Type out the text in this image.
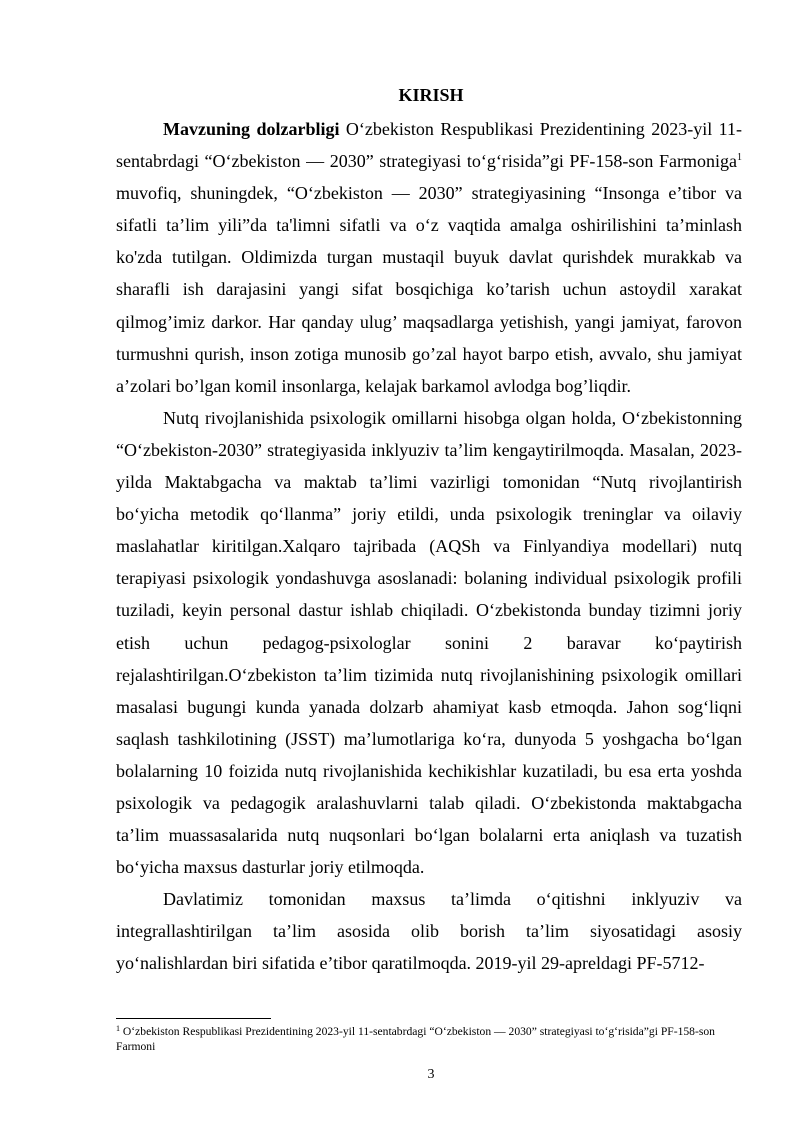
KIRISH

Mavzuning dolzarbligi O‘zbekiston Respublikasi Prezidentining 2023-yil 11-sentabrdagi “O‘zbekiston — 2030” strategiyasi to‘g‘risida”gi PF-158-son Farmoniga$^1$ muvofiq, shuningdek, “O‘zbekiston — 2030” strategiyasining “Insonga e’tibor va sifatli ta’lim yili”da ta'limni sifatli va o‘z vaqtida amalga oshirilishini ta’minlash ko'zda tutilgan. Oldimizda turgan mustaqil buyuk davlat qurishdek murakkab va sharafli ish darajasini yangi sifat bosqichiga ko’tarish uchun astoydil xarakat qilmog’imiz darkor. Har qanday ulug’ maqsadlarga yetishish, yangi jamiyat, farovon turmushni qurish, inson zotiga munosib go’zal hayot barpo etish, avvalo, shu jamiyat a’zolari bo’lgan komil insonlarga, kelajak barkamol avlodga bog’liqdir.

Nutq rivojlanishida psixologik omillarni hisobga olgan holda, O‘zbekistonning “O‘zbekiston-2030” strategiyasida inklyuziv ta’lim kengaytirilmoqda. Masalan, 2023-yilda Maktabgacha va maktab ta’limi vazirligi tomonidan “Nutq rivojlantirish bo‘yicha metodik qo‘llanma” joriy etildi, unda psixologik treninglar va oilaviy maslahatlar kiritilgan.Xalqaro tajribada (AQSh va Finlyandiya modellari) nutq terapiyasi psixologik yondashuvga asoslanadi: bolaning individual psixologik profili tuziladi, keyin personal dastur ishlab chiqiladi. O‘zbekistonda bunday tizimni joriy etish uchun pedagog-psixologlar sonini 2 baravar ko‘paytirish rejalashtirilgan.O‘zbekiston ta’lim tizimida nutq rivojlanishining psixologik omillari masalasi bugungi kunda yanada dolzarb ahamiyat kasb etmoqda. Jahon sog‘liqni saqlash tashkilotining (JSST) ma’lumotlariga ko‘ra, dunyoda 5 yoshgacha bo‘lgan bolalarning 10 foizida nutq rivojlanishida kechikishlar kuzatiladi, bu esa erta yoshda psixologik va pedagogik aralashuvlarni talab qiladi. O‘zbekistonda maktabgacha ta’lim muassasalarida nutq nuqsonlari bo‘lgan bolalarni erta aniqlash va tuzatish bo‘yicha maxsus dasturlar joriy etilmoqda.

Davlatimiz tomonidan maxsus ta’limda o‘qitishni inklyuziv va integrallashtirilgan ta’lim asosida olib borish ta’lim siyosatidagi asosiy yo‘nalishlardan biri sifatida e’tibor qaratilmoqda. 2019-yil 29-apreldagi PF-5712-

$^1$ O‘zbekiston Respublikasi Prezidentining 2023-yil 11-sentabrdagi “O‘zbekiston — 2030” strategiyasi to‘g‘risida”gi PF-158-son Farmoni
3
